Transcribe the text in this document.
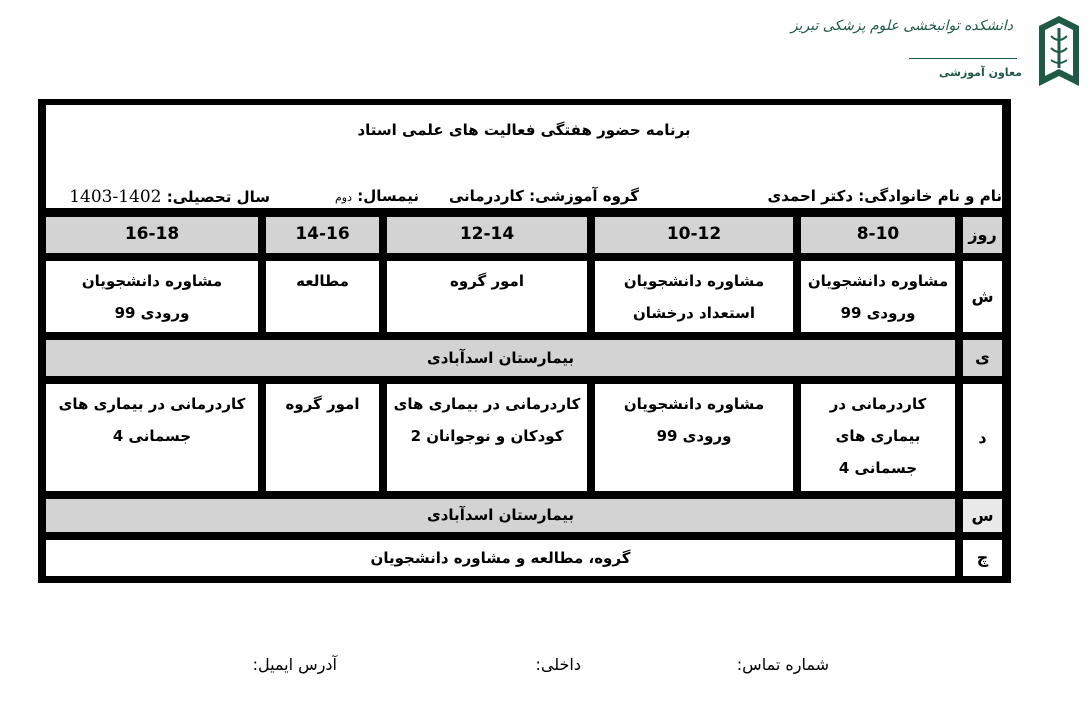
دانشکده توانبخشی علوم پزشکی تبریز
معاون آموزشی
برنامه حضور هفتگی فعالیت های علمی استاد
نام و نام خانوادگی: دکتر احمدی
گروه آموزشی: کاردرمانی
نیمسال: دوم
سال تحصیلی: 1402-1403
روز
8-10
10-12
12-14
14-16
16-18
ش
مشاوره دانشجویان
ورودی 99
مشاوره دانشجویان
استعداد درخشان
امور گروه
مطالعه
مشاوره دانشجویان
ورودی 99
ی
بیمارستان اسدآبادی
د
کاردرمانی در
بیماری های
جسمانی 4
مشاوره دانشجویان
ورودی 99
کاردرمانی در بیماری های
کودکان و نوجوانان 2
امور گروه
کاردرمانی در بیماری های
جسمانی 4
س
بیمارستان اسدآبادی
چ
گروه، مطالعه و مشاوره دانشجویان
شماره تماس:
داخلی:
آدرس ایمیل:
